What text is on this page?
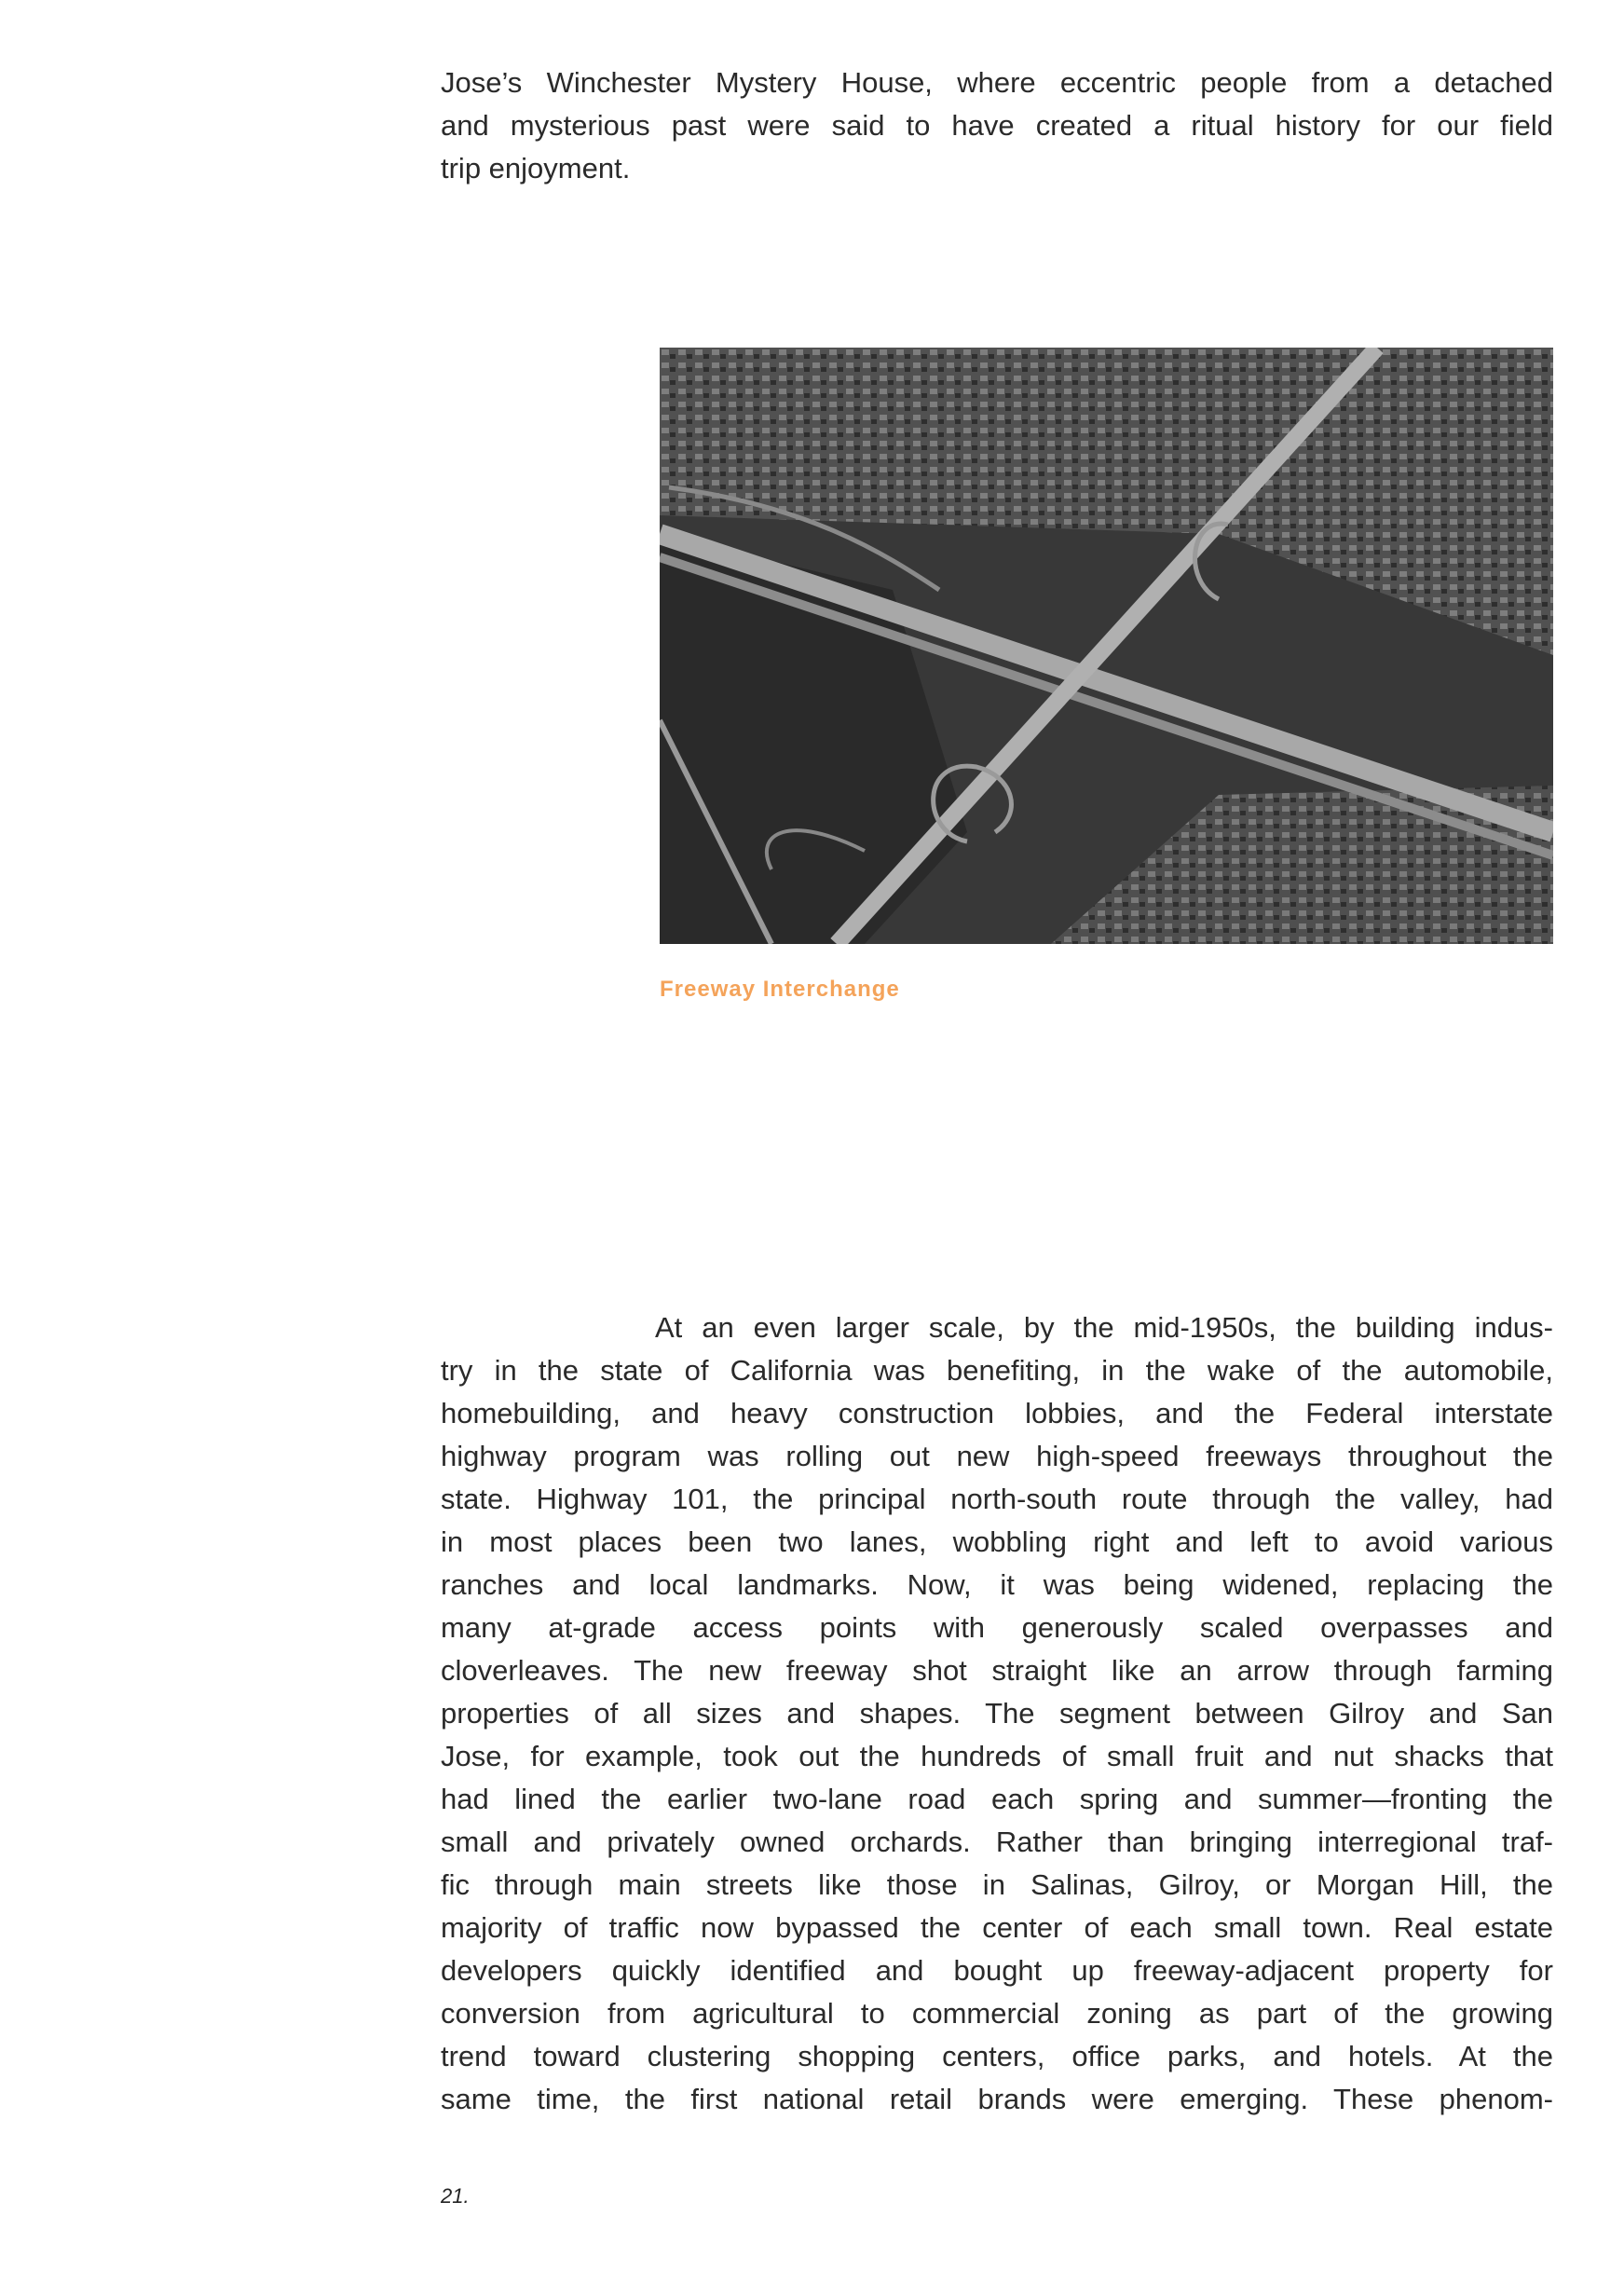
Jose’s Winchester Mystery House, where eccentric people from a detached
and mysterious past were said to have created a ritual history for our field
trip enjoyment.
Freeway Interchange
At an even larger scale, by the mid-1950s, the building indus-
try in the state of California was benefiting, in the wake of the automobile,
homebuilding, and heavy construction lobbies, and the Federal interstate
highway program was rolling out new high-speed freeways throughout the
state. Highway 101, the principal north-south route through the valley, had
in most places been two lanes, wobbling right and left to avoid various
ranches and local landmarks. Now, it was being widened, replacing the
many at-grade access points with generously scaled overpasses and
cloverleaves. The new freeway shot straight like an arrow through farming
properties of all sizes and shapes. The segment between Gilroy and San
Jose, for example, took out the hundreds of small fruit and nut shacks that
had lined the earlier two-lane road each spring and summer—fronting the
small and privately owned orchards. Rather than bringing interregional traf-
fic through main streets like those in Salinas, Gilroy, or Morgan Hill, the
majority of traffic now bypassed the center of each small town. Real estate
developers quickly identified and bought up freeway-adjacent property for
conversion from agricultural to commercial zoning as part of the growing
trend toward clustering shopping centers, office parks, and hotels. At the
same time, the first national retail brands were emerging. These phenom-
21.
